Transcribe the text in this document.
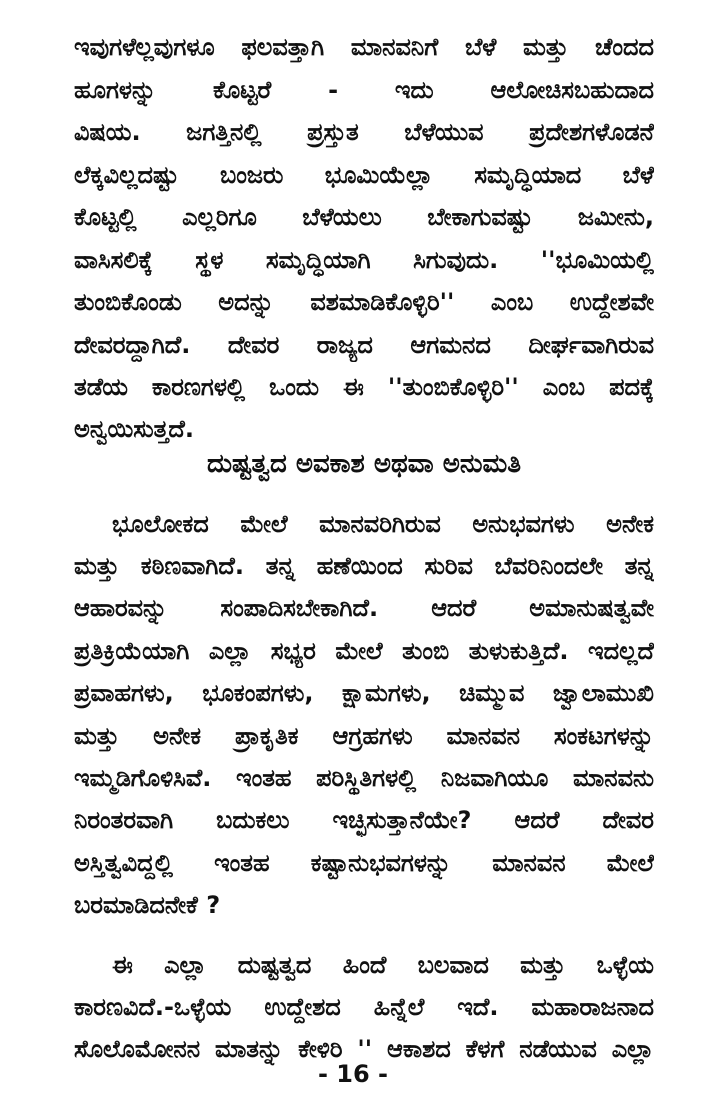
ಇವುಗಳೆಲ್ಲವುಗಳೂ ಫಲವತ್ತಾಗಿ ಮಾನವನಿಗೆ ಬೆಳೆ ಮತ್ತು ಚೆಂದದ
ಹೂಗಳನ್ನು ಕೊಟ್ಟರೆ - ಇದು ಆಲೋಚಿಸಬಹುದಾದ
ವಿಷಯ. ಜಗತ್ತಿನಲ್ಲಿ ಪ್ರಸ್ತುತ ಬೆಳೆಯುವ ಪ್ರದೇಶಗಳೊಡನೆ
ಲೆಕ್ಕವಿಲ್ಲದಷ್ಟು ಬಂಜರು ಭೂಮಿಯೆಲ್ಲಾ ಸಮೃದ್ಧಿಯಾದ ಬೆಳೆ
ಕೊಟ್ಟಲ್ಲಿ ಎಲ್ಲರಿಗೂ ಬೆಳೆಯಲು ಬೇಕಾಗುವಷ್ಟು ಜಮೀನು,
ವಾಸಿಸಲಿಕ್ಕೆ ಸ್ಥಳ ಸಮೃದ್ಧಿಯಾಗಿ ಸಿಗುವುದು. ''ಭೂಮಿಯಲ್ಲಿ
ತುಂಬಿಕೊಂಡು ಅದನ್ನು ವಶಮಾಡಿಕೊಳ್ಳಿರಿ'' ಎಂಬ ಉದ್ದೇಶವೇ
ದೇವರದ್ದಾಗಿದೆ. ದೇವರ ರಾಜ್ಯದ ಆಗಮನದ ದೀರ್ಘವಾಗಿರುವ
ತಡೆಯ ಕಾರಣಗಳಲ್ಲಿ ಒಂದು ಈ ''ತುಂಬಿಕೊಳ್ಳಿರಿ'' ಎಂಬ ಪದಕ್ಕೆ
ಅನ್ವಯಿಸುತ್ತದೆ.
ದುಷ್ಟತ್ವದ ಅವಕಾಶ ಅಥವಾ ಅನುಮತಿ
ಭೂಲೋಕದ ಮೇಲೆ ಮಾನವರಿಗಿರುವ ಅನುಭವಗಳು ಅನೇಕ
ಮತ್ತು ಕಠಿಣವಾಗಿದೆ. ತನ್ನ ಹಣೆಯಿಂದ ಸುರಿವ ಬೆವರಿನಿಂದಲೇ ತನ್ನ
ಆಹಾರವನ್ನು ಸಂಪಾದಿಸಬೇಕಾಗಿದೆ. ಆದರೆ ಅಮಾನುಷತ್ವವೇ
ಪ್ರತಿಕ್ರಿಯೆಯಾಗಿ ಎಲ್ಲಾ ಸಭ್ಯರ ಮೇಲೆ ತುಂಬಿ ತುಳುಕುತ್ತಿದೆ. ಇದಲ್ಲದೆ
ಪ್ರವಾಹಗಳು, ಭೂಕಂಪಗಳು, ಕ್ಷಾಮಗಳು, ಚಿಮ್ಮುವ ಜ್ವಾಲಾಮುಖಿ
ಮತ್ತು ಅನೇಕ ಪ್ರಾಕೃತಿಕ ಆಗ್ರಹಗಳು ಮಾನವನ ಸಂಕಟಗಳನ್ನು
ಇಮ್ಮಡಿಗೊಳಿಸಿವೆ. ಇಂತಹ ಪರಿಸ್ಥಿತಿಗಳಲ್ಲಿ ನಿಜವಾಗಿಯೂ ಮಾನವನು
ನಿರಂತರವಾಗಿ ಬದುಕಲು ಇಚ್ಛಿಸುತ್ತಾನೆಯೇ? ಆದರೆ ದೇವರ
ಅಸ್ತಿತ್ವವಿದ್ದಲ್ಲಿ ಇಂತಹ ಕಷ್ಟಾನುಭವಗಳನ್ನು ಮಾನವನ ಮೇಲೆ
ಬರಮಾಡಿದನೇಕೆ ?
ಈ ಎಲ್ಲಾ ದುಷ್ಟತ್ವದ ಹಿಂದೆ ಬಲವಾದ ಮತ್ತು ಒಳ್ಳೆಯ
ಕಾರಣವಿದೆ.-ಒಳ್ಳೆಯ ಉದ್ದೇಶದ ಹಿನ್ನೆಲೆ ಇದೆ. ಮಹಾರಾಜನಾದ
ಸೊಲೊಮೋನನ ಮಾತನ್ನು ಕೇಳಿರಿ '' ಆಕಾಶದ ಕೆಳಗೆ ನಡೆಯುವ ಎಲ್ಲಾ
- 16 -
